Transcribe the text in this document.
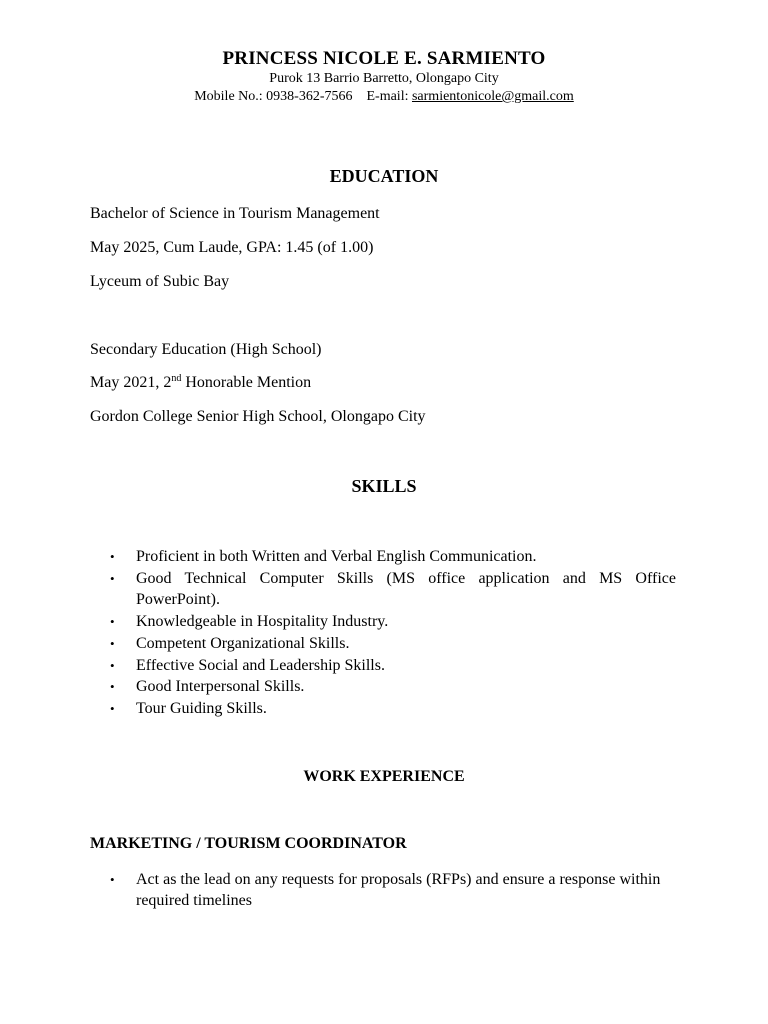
PRINCESS NICOLE E. SARMIENTO
Purok 13 Barrio Barretto, Olongapo City
Mobile No.: 0938-362-7566 E-mail: sarmientonicole@gmail.com
EDUCATION
Bachelor of Science in Tourism Management
May 2025, Cum Laude, GPA: 1.45 (of 1.00)
Lyceum of Subic Bay
Secondary Education (High School)
May 2021, 2nd Honorable Mention
Gordon College Senior High School, Olongapo City
SKILLS
• Proficient in both Written and Verbal English Communication.
• Good Technical Computer Skills (MS office application and MS Office PowerPoint).
• Knowledgeable in Hospitality Industry.
• Competent Organizational Skills.
• Effective Social and Leadership Skills.
• Good Interpersonal Skills.
• Tour Guiding Skills.
WORK EXPERIENCE
MARKETING / TOURISM COORDINATOR
• Act as the lead on any requests for proposals (RFPs) and ensure a response within required timelines
